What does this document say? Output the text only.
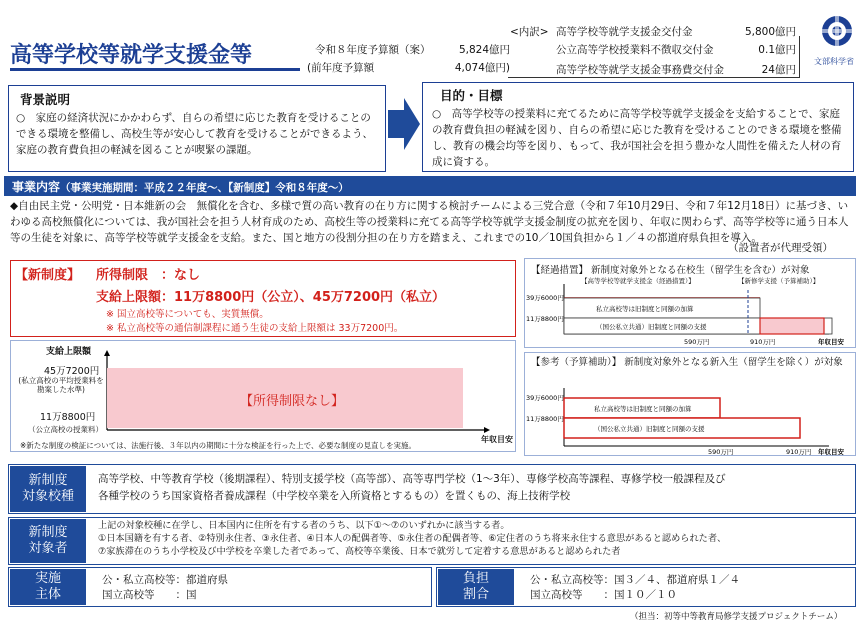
高等学校等就学支援金等	令和８年度予算額（案）	5,824億円
(前年度予算額	4,074億円)
<内訳> 高等学校等就学支援金交付金	5,800億円
公立高等学校授業料不徴収交付金	0.1億円
高等学校等就学支援金事務費交付金	24億円
文部科学省
背景説明
○　家庭の経済状況にかかわらず、自らの希望に応じた教育を受けることのできる環境を整備し、高校生等が安心して教育を受けることができるよう、家庭の教育費負担の軽減を図ることが喫緊の課題。
目的・目標
○　高等学校等の授業料に充てるために高等学校等就学支援金を支給することで、家庭の教育費負担の軽減を図り、自らの希望に応じた教育を受けることのできる環境を整備し、教育の機会均等を図り、もって、我が国社会を担う豊かな人間性を備えた人材の育成に資する。
事業内容（事業実施期間：平成２２年度～、【新制度】令和８年度～）
◆自由民主党・公明党・日本維新の会　無償化を含む、多様で質の高い教育の在り方に関する検討チームによる三党合意（令和７年10月29日、令和７年12月18日）に基づき、いわゆる高校無償化については、我が国社会を担う人材育成のため、高校生等の授業料に充てる高等学校等就学支援金制度の拡充を図り、年収に関わらず、高等学校等に通う日本人等の生徒を対象に、高等学校等就学支援金を支給。また、国と地方の役割分担の在り方を踏まえ、これまでの10／10国負担から１／４の都道府県負担を導入。
（設置者が代理受領）
【新制度】 所得制限　：なし
支給上限額：11万8800円（公立）、45万7200円（私立）
※ 国立高校等についても、実質無償。
※ 私立高校等の通信制課程に通う生徒の支給上限額は 33万7200円。
【所得制限なし】
支給上限額
45万7200円
(私立高校の平均授業料を勘案した水準)
11万8800円
（公立高校の授業料）
年収目安
※新たな制度の検証については、法施行後、３年以内の期間に十分な検証を行った上で、必要な制度の見直しを実施。
【経過措置】 新制度対象外となる在校生（留学生を含む）が対象
【高等学校等就学支援金（経過措置）】	【新修学支援（予算補助）】
39万6000円
11万8800円
私立高校等は旧制度と同額の加算
（国公私立共通）旧制度と同額の支援
590万円	910万円	年収目安
【参考（予算補助）】 新制度対象外となる新入生（留学生を除く）が対象
39万6000円
11万8800円
私立高校等は旧制度と同額の加算
（国公私立共通）旧制度と同額の支援
590万円	910万円 年収目安
新制度
対象校種
高等学校、中等教育学校（後期課程）、特別支援学校（高等部）、高等専門学校（1～3年）、専修学校高等課程、専修学校一般課程及び
各種学校のうち国家資格者養成課程（中学校卒業を入所資格とするもの）を置くもの、海上技術学校
新制度
対象者
上記の対象校種に在学し、日本国内に住所を有する者のうち、以下①～⑦のいずれかに該当する者。
①日本国籍を有する者、②特別永住者、③永住者、④日本人の配偶者等、⑤永住者の配偶者等、⑥定住者のうち将来永住する意思があると認められた者、
⑦家族滞在のうち小学校及び中学校を卒業した者であって、高校等卒業後、日本で就労して定着する意思があると認められた者
実施
主体
公・私立高校等：都道府県
国立高校等　　：国
負担
割合
公・私立高校等：国３／４、都道府県１／４
国立高校等　　：国１０／１０
（担当：初等中等教育局修学支援プロジェクトチーム）
